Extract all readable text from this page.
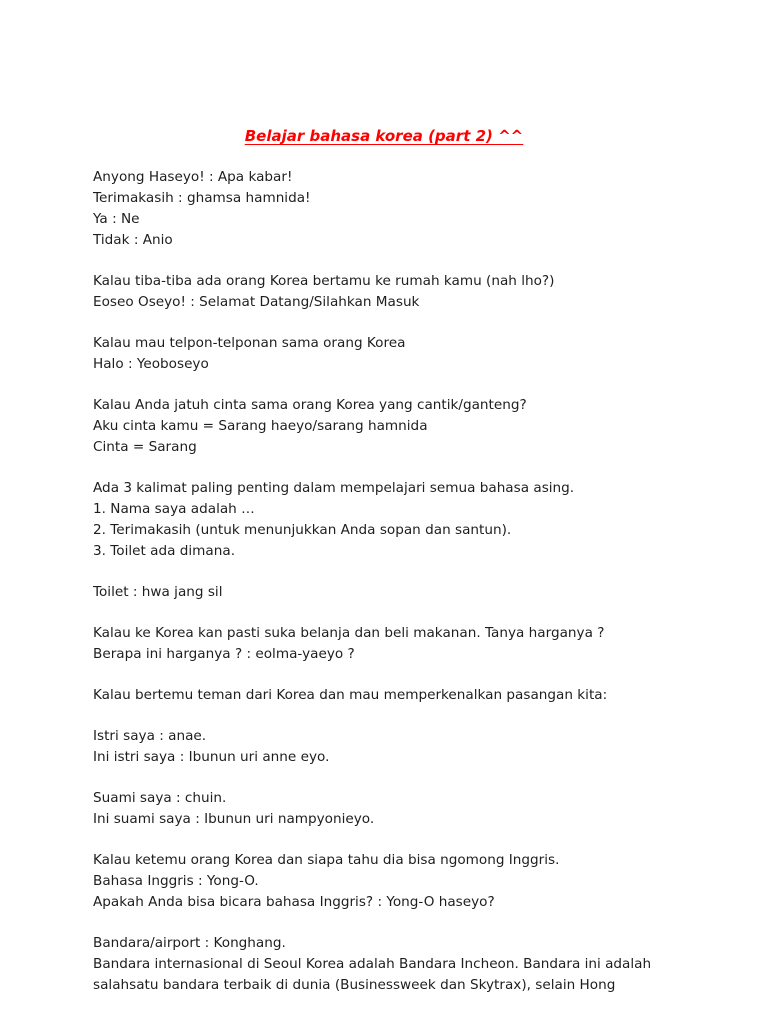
Belajar bahasa korea (part 2) ^^
Anyong Haseyo! : Apa kabar!
Terimakasih : ghamsa hamnida!
Ya : Ne
Tidak : Anio
Kalau tiba-tiba ada orang Korea bertamu ke rumah kamu (nah lho?)
Eoseo Oseyo! : Selamat Datang/Silahkan Masuk
Kalau mau telpon-telponan sama orang Korea
Halo : Yeoboseyo
Kalau Anda jatuh cinta sama orang Korea yang cantik/ganteng?
Aku cinta kamu = Sarang haeyo/sarang hamnida
Cinta = Sarang
Ada 3 kalimat paling penting dalam mempelajari semua bahasa asing.
1. Nama saya adalah …
2. Terimakasih (untuk menunjukkan Anda sopan dan santun).
3. Toilet ada dimana.
Toilet : hwa jang sil
Kalau ke Korea kan pasti suka belanja dan beli makanan. Tanya harganya ?
Berapa ini harganya ? : eolma-yaeyo ?
Kalau bertemu teman dari Korea dan mau memperkenalkan pasangan kita:
Istri saya : anae.
Ini istri saya : Ibunun uri anne eyo.
Suami saya : chuin.
Ini suami saya : Ibunun uri nampyonieyo.
Kalau ketemu orang Korea dan siapa tahu dia bisa ngomong Inggris.
Bahasa Inggris : Yong-O.
Apakah Anda bisa bicara bahasa Inggris? : Yong-O haseyo?
Bandara/airport : Konghang.
Bandara internasional di Seoul Korea adalah Bandara Incheon. Bandara ini adalah
salahsatu bandara terbaik di dunia (Businessweek dan Skytrax), selain Hong
